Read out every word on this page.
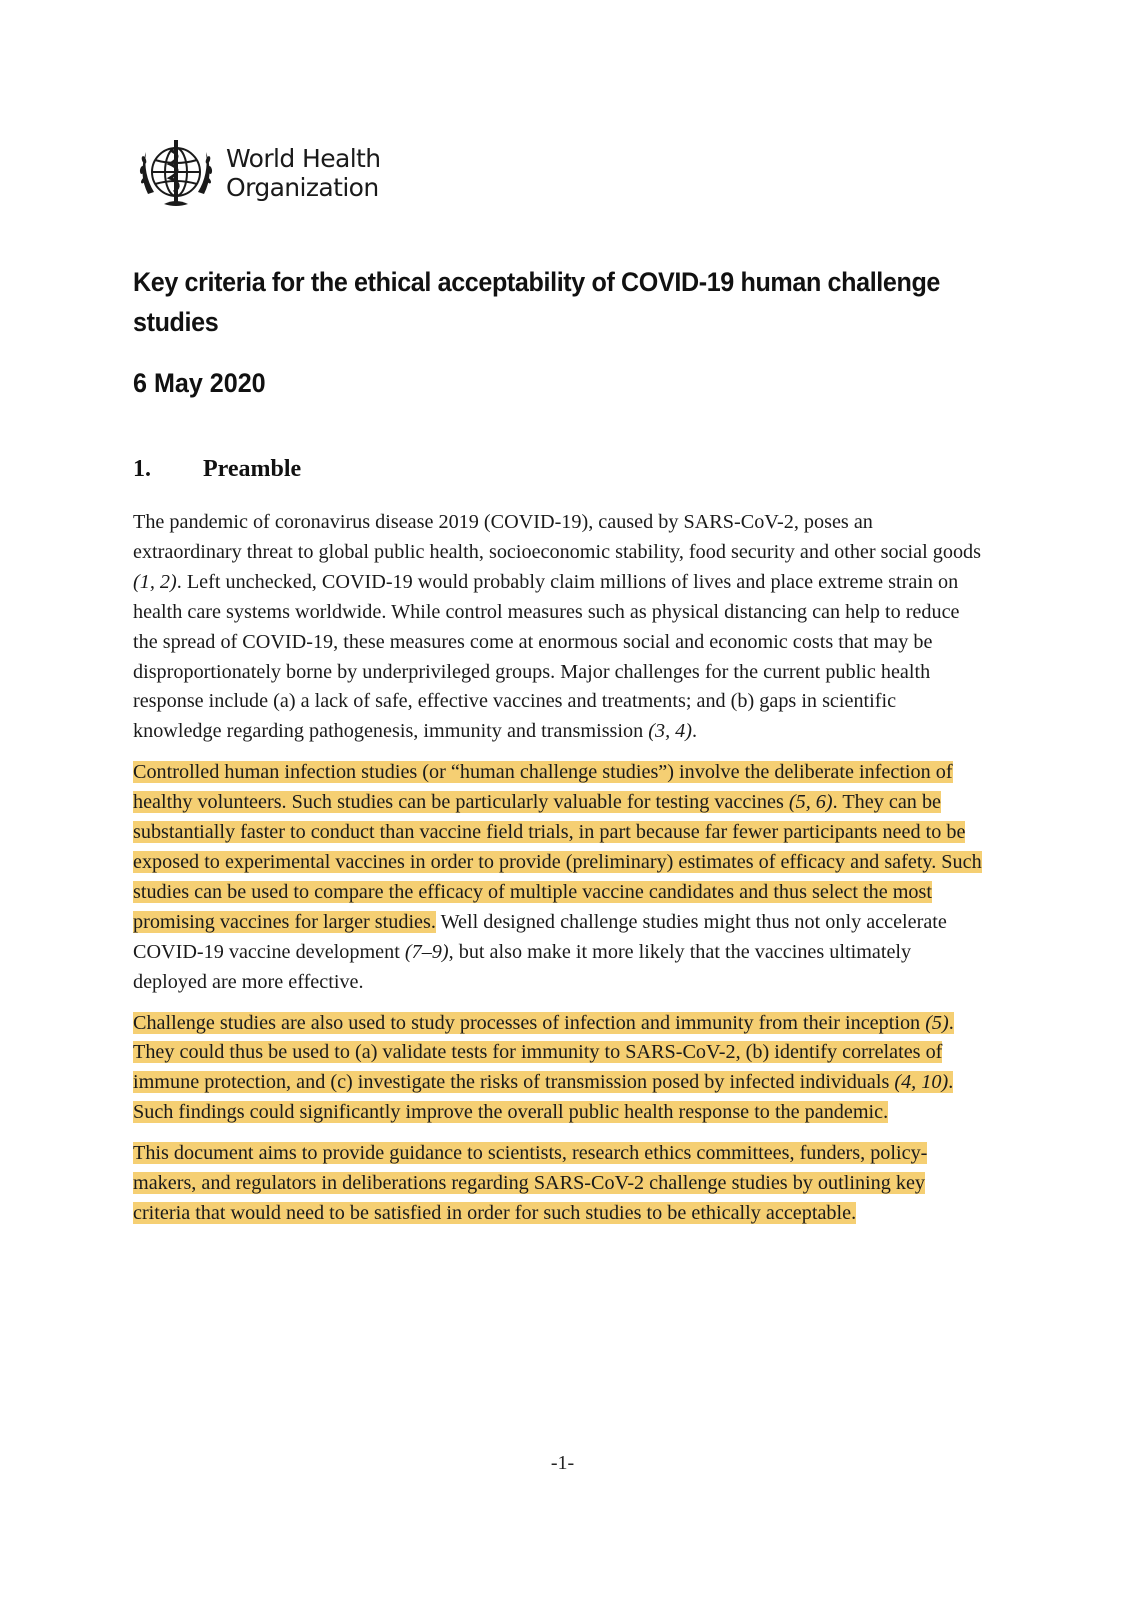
World Health
Organization
Key criteria for the ethical acceptability of COVID-19 human challenge studies
6 May 2020
1. Preamble

The pandemic of coronavirus disease 2019 (COVID-19), caused by SARS-CoV-2, poses an extraordinary threat to global public health, socioeconomic stability, food security and other social goods (1, 2). Left unchecked, COVID-19 would probably claim millions of lives and place extreme strain on health care systems worldwide. While control measures such as physical distancing can help to reduce the spread of COVID-19, these measures come at enormous social and economic costs that may be disproportionately borne by underprivileged groups. Major challenges for the current public health response include (a) a lack of safe, effective vaccines and treatments; and (b) gaps in scientific knowledge regarding pathogenesis, immunity and transmission (3, 4).

Controlled human infection studies (or “human challenge studies”) involve the deliberate infection of healthy volunteers. Such studies can be particularly valuable for testing vaccines (5, 6). They can be substantially faster to conduct than vaccine field trials, in part because far fewer participants need to be exposed to experimental vaccines in order to provide (preliminary) estimates of efficacy and safety. Such studies can be used to compare the efficacy of multiple vaccine candidates and thus select the most promising vaccines for larger studies. Well designed challenge studies might thus not only accelerate COVID-19 vaccine development (7–9), but also make it more likely that the vaccines ultimately deployed are more effective.

Challenge studies are also used to study processes of infection and immunity from their inception (5). They could thus be used to (a) validate tests for immunity to SARS-CoV-2, (b) identify correlates of immune protection, and (c) investigate the risks of transmission posed by infected individuals (4, 10). Such findings could significantly improve the overall public health response to the pandemic.

This document aims to provide guidance to scientists, research ethics committees, funders, policy-makers, and regulators in deliberations regarding SARS-CoV-2 challenge studies by outlining key criteria that would need to be satisfied in order for such studies to be ethically acceptable.

-1-
